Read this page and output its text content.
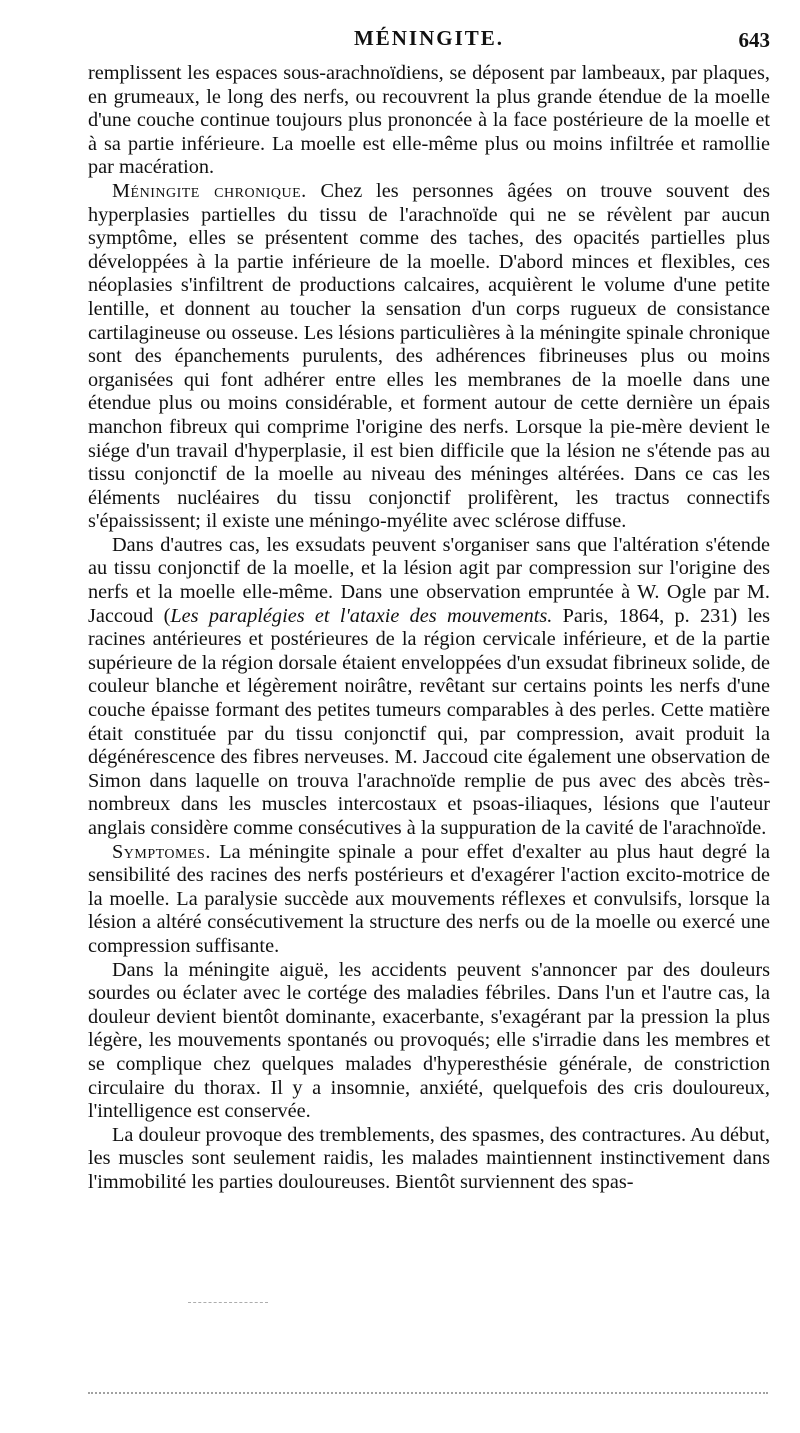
MÉNINGITE.	643

remplissent les espaces sous-arachnoïdiens, se déposent par lambeaux, par plaques, en grumeaux, le long des nerfs, ou recouvrent la plus grande étendue de la moelle d'une couche continue toujours plus prononcée à la face postérieure de la moelle et à sa partie inférieure. La moelle est elle-même plus ou moins infiltrée et ramollie par macération.

Méningite chronique. Chez les personnes âgées on trouve souvent des hyperplasies partielles du tissu de l'arachnoïde qui ne se révèlent par aucun symptôme, elles se présentent comme des taches, des opacités partielles plus développées à la partie inférieure de la moelle. D'abord minces et flexibles, ces néoplasies s'infiltrent de productions calcaires, acquièrent le volume d'une petite lentille, et donnent au toucher la sensation d'un corps rugueux de consistance cartilagineuse ou osseuse. Les lésions particulières à la méningite spinale chronique sont des épanchements purulents, des adhérences fibrineuses plus ou moins organisées qui font adhérer entre elles les membranes de la moelle dans une étendue plus ou moins considérable, et forment autour de cette dernière un épais manchon fibreux qui comprime l'origine des nerfs. Lorsque la pie-mère devient le siége d'un travail d'hyperplasie, il est bien difficile que la lésion ne s'étende pas au tissu conjonctif de la moelle au niveau des méninges altérées. Dans ce cas les éléments nucléaires du tissu conjonctif prolifèrent, les tractus connectifs s'épaississent; il existe une méningo-myélite avec sclérose diffuse.

Dans d'autres cas, les exsudats peuvent s'organiser sans que l'altération s'étende au tissu conjonctif de la moelle, et la lésion agit par compression sur l'origine des nerfs et la moelle elle-même. Dans une observation empruntée à W. Ogle par M. Jaccoud (Les paraplégies et l'ataxie des mouvements. Paris, 1864, p. 231) les racines antérieures et postérieures de la région cervicale inférieure, et de la partie supérieure de la région dorsale étaient enveloppées d'un exsudat fibrineux solide, de couleur blanche et légèrement noirâtre, revêtant sur certains points les nerfs d'une couche épaisse formant des petites tumeurs comparables à des perles. Cette matière était constituée par du tissu conjonctif qui, par compression, avait produit la dégénérescence des fibres nerveuses. M. Jaccoud cite également une observation de Simon dans laquelle on trouva l'arachnoïde remplie de pus avec des abcès très-nombreux dans les muscles intercostaux et psoas-iliaques, lésions que l'auteur anglais considère comme consécutives à la suppuration de la cavité de l'arachnoïde.

Symptomes. La méningite spinale a pour effet d'exalter au plus haut degré la sensibilité des racines des nerfs postérieurs et d'exagérer l'action excito-motrice de la moelle. La paralysie succède aux mouvements réflexes et convulsifs, lorsque la lésion a altéré consécutivement la structure des nerfs ou de la moelle ou exercé une compression suffisante.

Dans la méningite aiguë, les accidents peuvent s'annoncer par des douleurs sourdes ou éclater avec le cortége des maladies fébriles. Dans l'un et l'autre cas, la douleur devient bientôt dominante, exacerbante, s'exagérant par la pression la plus légère, les mouvements spontanés ou provoqués; elle s'irradie dans les membres et se complique chez quelques malades d'hyperesthésie générale, de constriction circulaire du thorax. Il y a insomnie, anxiété, quelquefois des cris douloureux, l'intelligence est conservée.

La douleur provoque des tremblements, des spasmes, des contractures. Au début, les muscles sont seulement raidis, les malades maintiennent instinctivement dans l'immobilité les parties douloureuses. Bientôt surviennent des spas-
